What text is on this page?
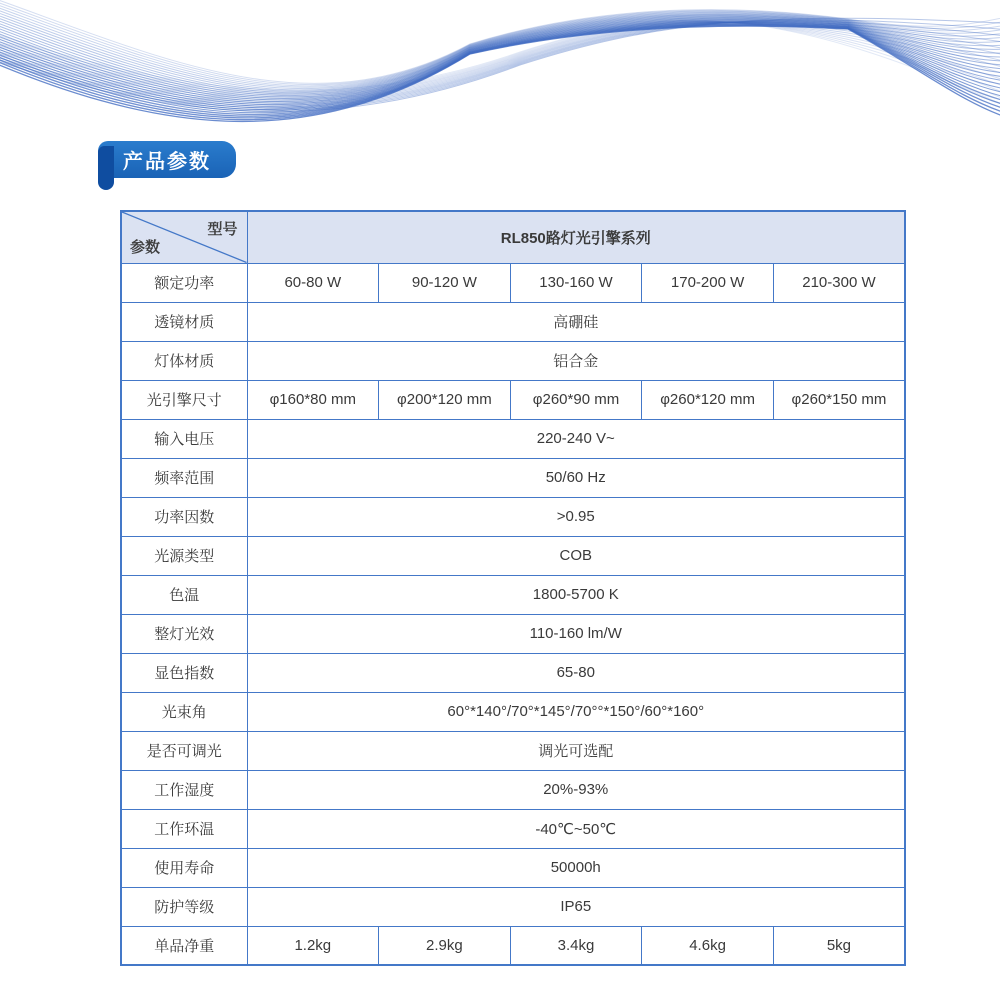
产品参数
型号
参数	RL850路灯光引擎系列				
额定功率	60-80 W	90-120 W	130-160 W	170-200 W	210-300 W
透镜材质	高硼硅				
灯体材质	铝合金				
光引擎尺寸	φ160*80 mm	φ200*120 mm	φ260*90 mm	φ260*120 mm	φ260*150 mm
输入电压	220-240 V~				
频率范围	50/60 Hz				
功率因数	>0.95				
光源类型	COB				
色温	1800-5700 K				
整灯光效	110-160 lm/W				
显色指数	65-80				
光束角	60°*140°/70°*145°/70°°*150°/60°*160°				
是否可调光	调光可选配				
工作湿度	20%-93%				
工作环温	-40℃~50℃				
使用寿命	50000h				
防护等级	IP65				
单品净重	1.2kg	2.9kg	3.4kg	4.6kg	5kg
